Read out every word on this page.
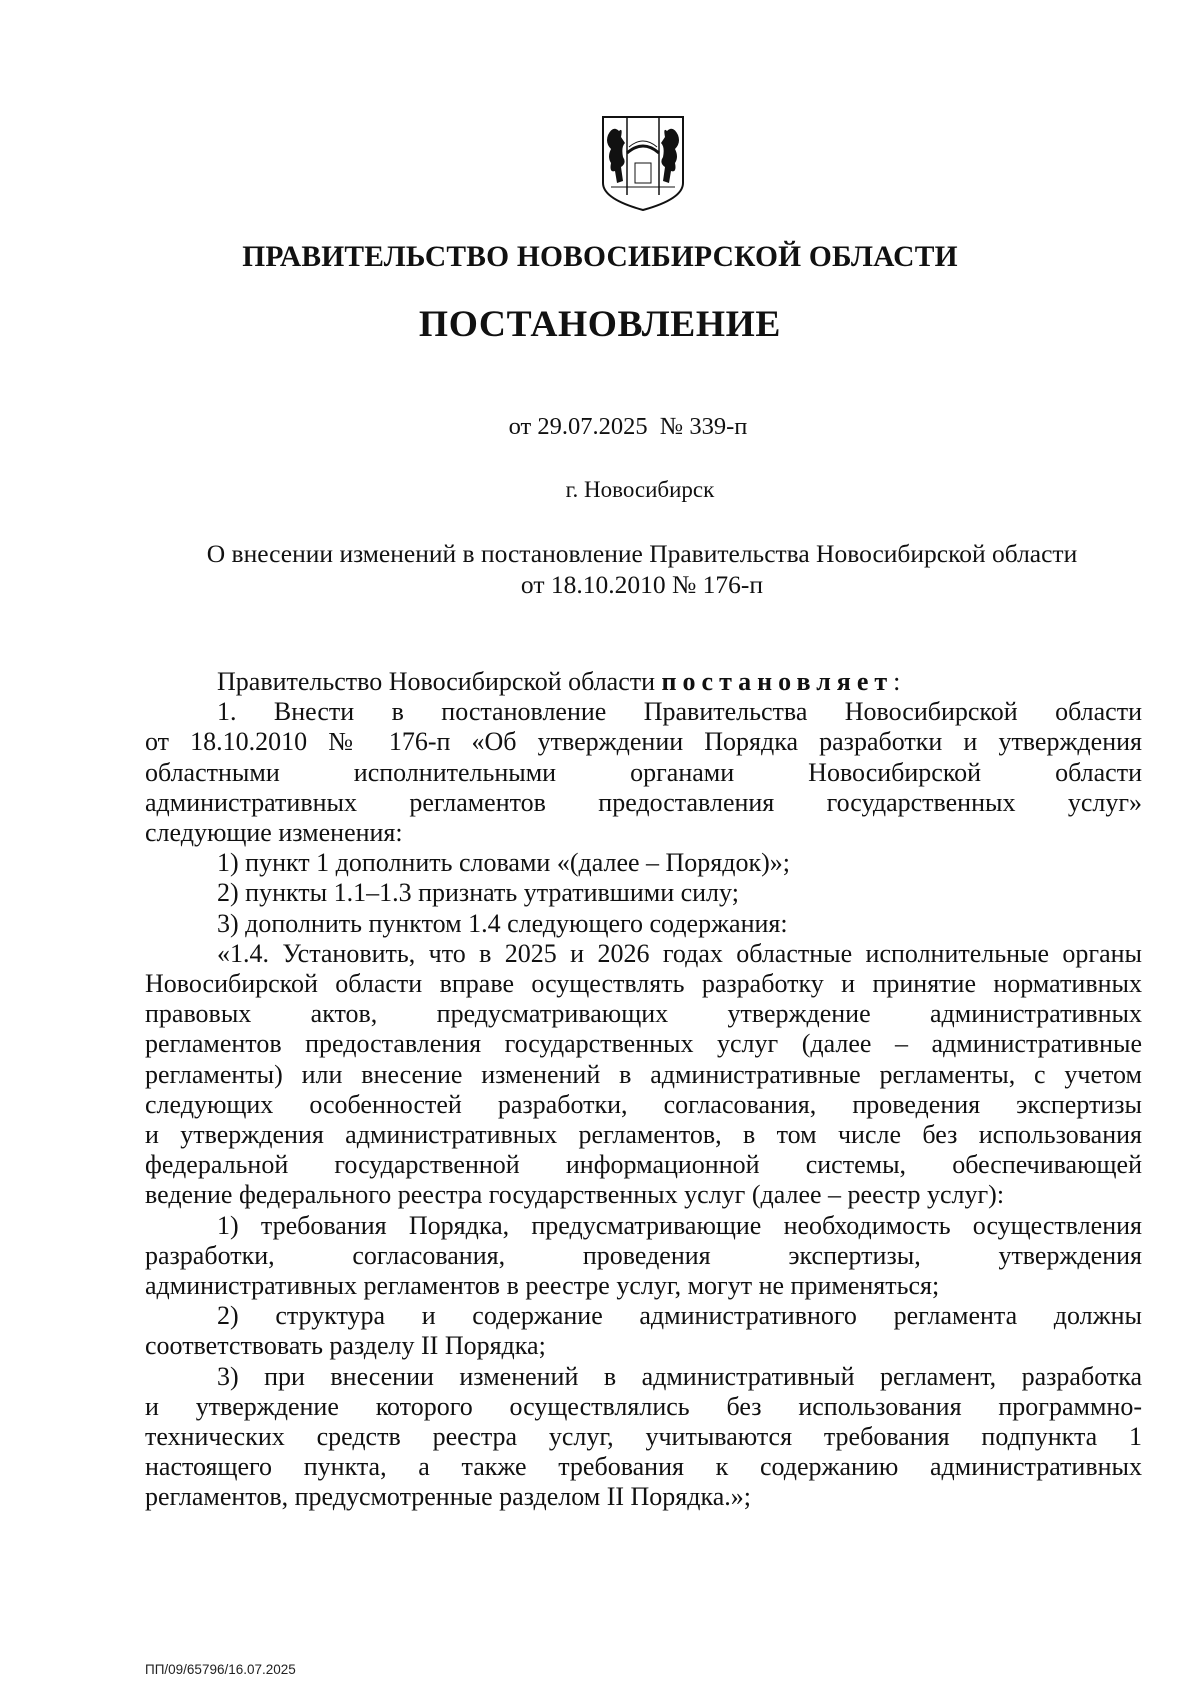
ПРАВИТЕЛЬСТВО НОВОСИБИРСКОЙ ОБЛАСТИ
ПОСТАНОВЛЕНИЕ
от 29.07.2025  № 339-п
г. Новосибирск
О внесении изменений в постановление Правительства Новосибирской области
от 18.10.2010 № 176-п
Правительство Новосибирской области постановляет:
1. Внести в постановление Правительства Новосибирской области
от 18.10.2010 № 176-п «Об утверждении Порядка разработки и утверждения
областными исполнительными органами Новосибирской области
административных регламентов предоставления государственных услуг»
следующие изменения:
1) пункт 1 дополнить словами «(далее – Порядок)»;
2) пункты 1.1–1.3 признать утратившими силу;
3) дополнить пунктом 1.4 следующего содержания:
«1.4. Установить, что в 2025 и 2026 годах областные исполнительные органы
Новосибирской области вправе осуществлять разработку и принятие нормативных
правовых актов, предусматривающих утверждение административных
регламентов предоставления государственных услуг (далее – административные
регламенты) или внесение изменений в административные регламенты, с учетом
следующих особенностей разработки, согласования, проведения экспертизы
и утверждения административных регламентов, в том числе без использования
федеральной государственной информационной системы, обеспечивающей
ведение федерального реестра государственных услуг (далее – реестр услуг):
1) требования Порядка, предусматривающие необходимость осуществления
разработки, согласования, проведения экспертизы, утверждения
административных регламентов в реестре услуг, могут не применяться;
2) структура и содержание административного регламента должны
соответствовать разделу II Порядка;
3) при внесении изменений в административный регламент, разработка
и утверждение которого осуществлялись без использования программно-
технических средств реестра услуг, учитываются требования подпункта 1
настоящего пункта, а также требования к содержанию административных
регламентов, предусмотренные разделом II Порядка.»;
ПП/09/65796/16.07.2025
